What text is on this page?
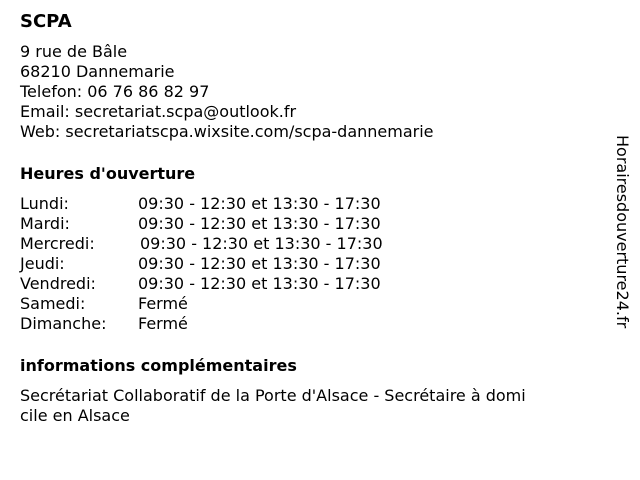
SCPA
9 rue de Bâle
68210 Dannemarie
Telefon: 06 76 86 82 97
Email: secretariat.scpa@outlook.fr
Web: secretariatscpa.wixsite.com/scpa-dannemarie
Heures d'ouverture
Lundi:	09:30 - 12:30 et 13:30 - 17:30
Mardi:	09:30 - 12:30 et 13:30 - 17:30
Mercredi:	09:30 - 12:30 et 13:30 - 17:30
Jeudi:	09:30 - 12:30 et 13:30 - 17:30
Vendredi:	09:30 - 12:30 et 13:30 - 17:30
Samedi:	Fermé
Dimanche:	Fermé
informations complémentaires
Secrétariat Collaboratif de la Porte d'Alsace - Secrétaire à domi
cile en Alsace
Horairesdouverture24.fr
